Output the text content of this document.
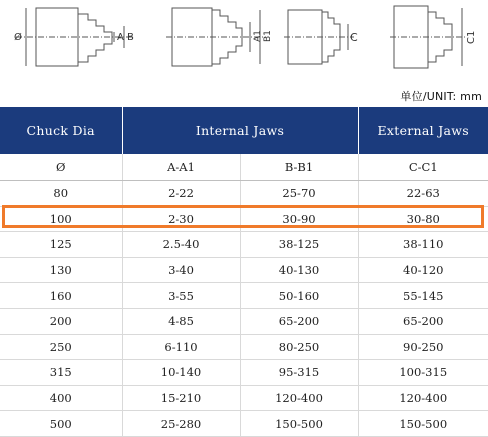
Ø	A B	A1 B1	C	C1
单位/UNIT: mm
Chuck Dia	Internal Jaws		External Jaws
Ø	A-A1	B-B1	C-C1
80	2-22	25-70	22-63
100	2-30	30-90	30-80
125	2.5-40	38-125	38-110
130	3-40	40-130	40-120
160	3-55	50-160	55-145
200	4-85	65-200	65-200
250	6-110	80-250	90-250
315	10-140	95-315	100-315
400	15-210	120-400	120-400
500	25-280	150-500	150-500
